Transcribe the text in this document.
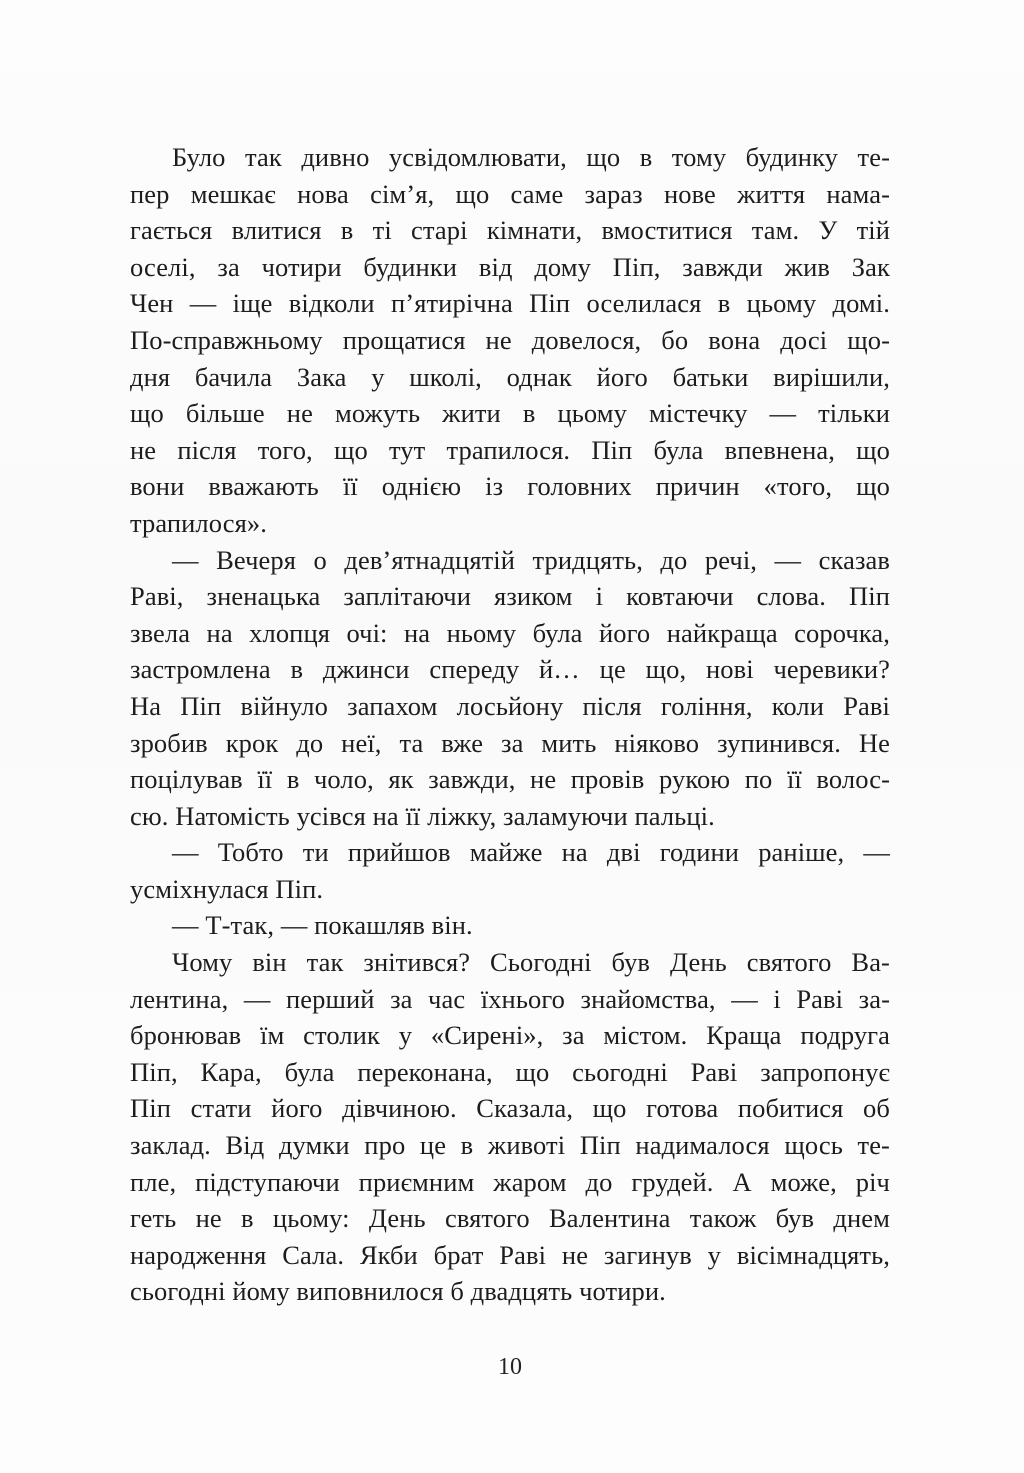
Було так дивно усвідомлювати, що в тому будинку те-
пер мешкає нова сім’я, що саме зараз нове життя нама-
гається влитися в ті старі кімнати, вмоститися там. У тій
оселі, за чотири будинки від дому Піп, завжди жив Зак
Чен — іще відколи п’ятирічна Піп оселилася в цьому домі.
По-справжньому прощатися не довелося, бо вона досі що-
дня бачила Зака у школі, однак його батьки вирішили,
що більше не можуть жити в цьому містечку — тільки
не після того, що тут трапилося. Піп була впевнена, що
вони вважають її однією із головних причин «того, що
трапилося».
— Вечеря о дев’ятнадцятій тридцять, до речі, — сказав
Раві, зненацька заплітаючи язиком і ковтаючи слова. Піп
звела на хлопця очі: на ньому була його найкраща сорочка,
застромлена в джинси спереду й… це що, нові черевики?
На Піп війнуло запахом лосьйону після гоління, коли Раві
зробив крок до неї, та вже за мить ніяково зупинився. Не
поцілував її в чоло, як завжди, не провів рукою по її волос-
сю. Натомість усівся на її ліжку, заламуючи пальці.
— Тобто ти прийшов майже на дві години раніше, —
усміхнулася Піп.
— Т-так, — покашляв він.
Чому він так знітився? Сьогодні був День святого Ва-
лентина, — перший за час їхнього знайомства, — і Раві за-
бронював їм столик у «Сирені», за містом. Краща подруга
Піп, Кара, була переконана, що сьогодні Раві запропонує
Піп стати його дівчиною. Сказала, що готова побитися об
заклад. Від думки про це в животі Піп надималося щось те-
пле, підступаючи приємним жаром до грудей. А може, річ
геть не в цьому: День святого Валентина також був днем
народження Сала. Якби брат Раві не загинув у вісімнадцять,
сьогодні йому виповнилося б двадцять чотири.
10
